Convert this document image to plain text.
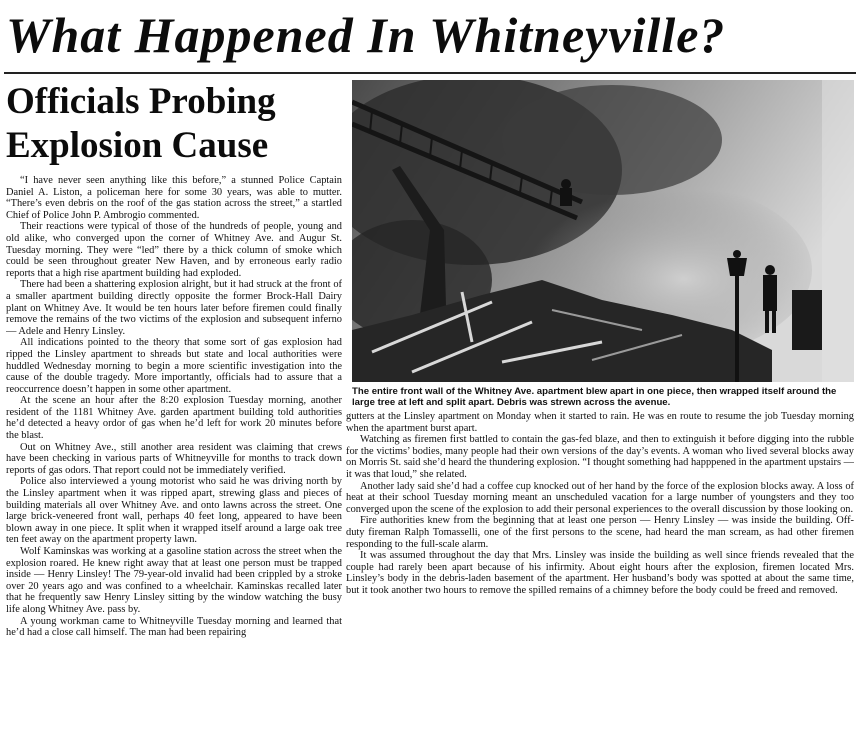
What Happened In Whitneyville?
Officials Probing Explosion Cause

“I have never seen anything like this before,” a stunned Police Captain Daniel A. Liston, a policeman here for some 30 years, was able to mutter. “There’s even debris on the roof of the gas station across the street,” a startled Chief of Police John P. Ambrogio commented.

Their reactions were typical of those of the hundreds of people, young and old alike, who converged upon the corner of Whitney Ave. and Augur St. Tuesday morning. They were “led” there by a thick column of smoke which could be seen throughout greater New Haven, and by erroneous early radio reports that a high rise apartment building had exploded.

There had been a shattering explosion alright, but it had struck at the front of a smaller apartment building directly opposite the former Brock-Hall Dairy plant on Whitney Ave. It would be ten hours later before firemen could finally remove the remains of the two victims of the explosion and subsequent inferno — Adele and Henry Linsley.

All indications pointed to the theory that some sort of gas explosion had ripped the Linsley apartment to shreads but state and local authorities were huddled Wednesday morning to begin a more scientific investigation into the cause of the double tragedy. More importantly, officials had to assure that a reoccurrence doesn’t happen in some other apartment.

At the scene an hour after the 8:20 explosion Tuesday morning, another resident of the 1181 Whitney Ave. garden apartment building told authorities he’d detected a heavy ordor of gas when he’d left for work 20 minutes before the blast.

Out on Whitney Ave., still another area resident was claiming that crews have been checking in various parts of Whitneyville for months to track down reports of gas odors. That report could not be immediately verified.

Police also interviewed a young motorist who said he was driving north by the Linsley apartment when it was ripped apart, strewing glass and pieces of building materials all over Whitney Ave. and onto lawns across the street. One large brick-veneered front wall, perhaps 40 feet long, appeared to have been blown away in one piece. It split when it wrapped itself around a large oak tree ten feet away on the apartment property lawn.

Wolf Kaminskas was working at a gasoline station across the street when the explosion roared. He knew right away that at least one person must be trapped inside — Henry Linsley! The 79-year-old invalid had been crippled by a stroke over 20 years ago and was confined to a wheelchair. Kaminskas recalled later that he frequently saw Henry Linsley sitting by the window watching the busy life along Whitney Ave. pass by.

A young workman came to Whitneyville Tuesday morning and learned that he’d had a close call himself. The man had been repairing

The entire front wall of the Whitney Ave. apartment blew apart in one piece, then wrapped itself around the large tree at left and split apart. Debris was strewn across the avenue.

gutters at the Linsley apartment on Monday when it started to rain. He was en route to resume the job Tuesday morning when the apartment burst apart.

Watching as firemen first battled to contain the gas-fed blaze, and then to extinguish it before digging into the rubble for the victims’ bodies, many people had their own versions of the day’s events. A woman who lived several blocks away on Morris St. said she’d heard the thundering explosion. “I thought something had happpened in the apartment upstairs — it was that loud,” she related.

Another lady said she’d had a coffee cup knocked out of her hand by the force of the explosion blocks away. A loss of heat at their school Tuesday morning meant an unscheduled vacation for a large number of youngsters and they too converged upon the scene of the explosion to add their personal experiences to the overall discussion by those looking on.

Fire authorities knew from the beginning that at least one person — Henry Linsley — was inside the building. Off-duty fireman Ralph Tomasselli, one of the first persons to the scene, had heard the man scream, as had other firemen responding to the full-scale alarm.

It was assumed throughout the day that Mrs. Linsley was inside the building as well since friends revealed that the couple had rarely been apart because of his infirmity. About eight hours after the explosion, firemen located Mrs. Linsley’s body in the debris-laden basement of the apartment. Her husband’s body was spotted at about the same time, but it took another two hours to remove the spilled remains of a chimney before the body could be freed and removed.
